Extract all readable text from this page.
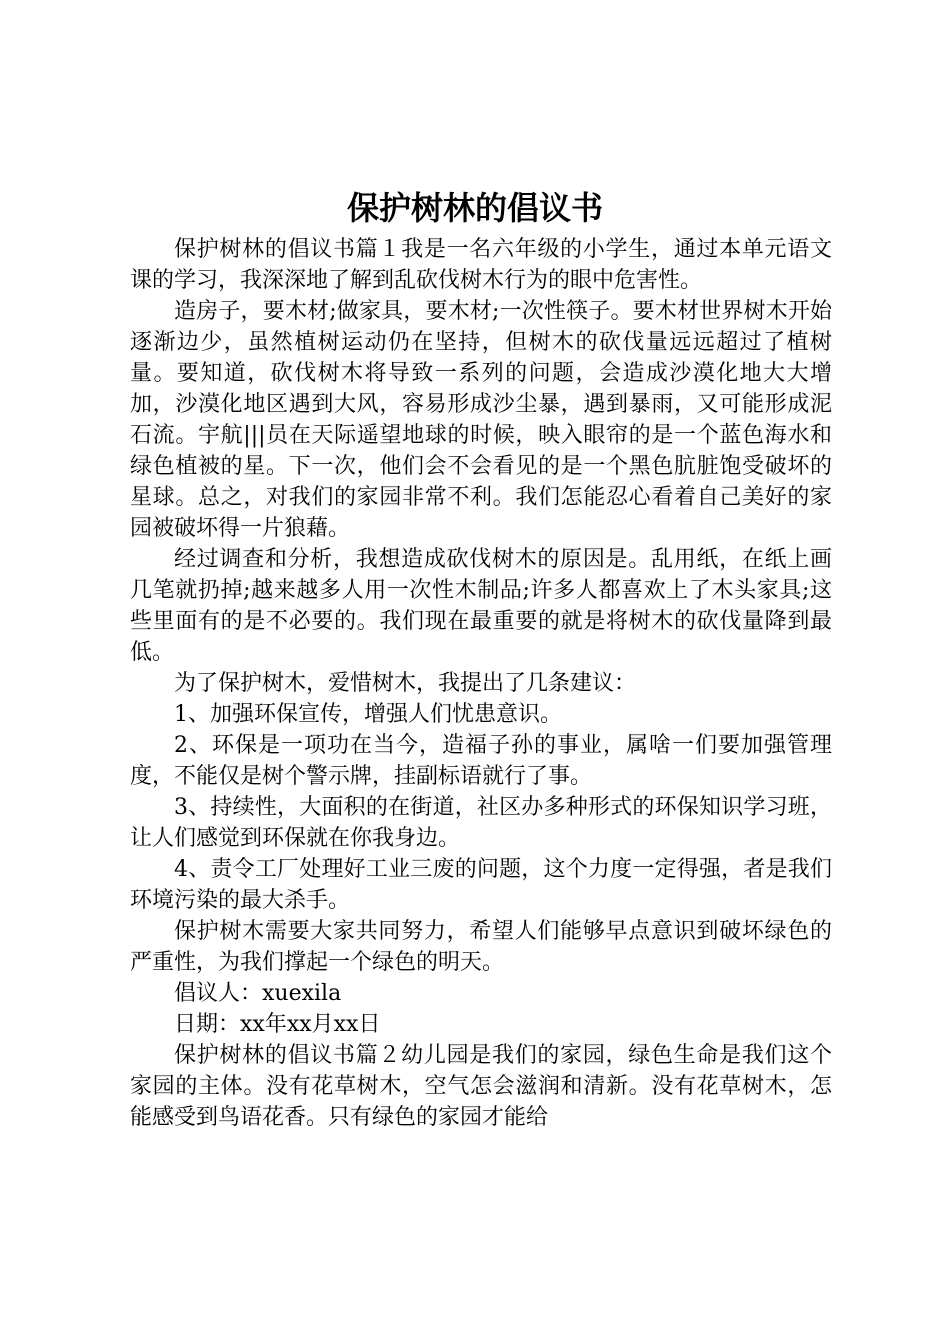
保护树林的倡议书

保护树林的倡议书篇１我是一名六年级的小学生，通过本单元语文课的学习，我深深地了解到乱砍伐树木行为的眼中危害性。

造房子，要木材;做家具，要木材;一次性筷子。要木材世界树木开始逐渐边少，虽然植树运动仍在坚持，但树木的砍伐量远远超过了植树量。要知道，砍伐树木将导致一系列的问题，会造成沙漠化地大大增加，沙漠化地区遇到大风，容易形成沙尘暴，遇到暴雨，又可能形成泥石流。宇航|||员在天际遥望地球的时候，映入眼帘的是一个蓝色海水和绿色植被的星。下一次，他们会不会看见的是一个黑色肮脏饱受破坏的星球。总之，对我们的家园非常不利。我们怎能忍心看着自己美好的家园被破坏得一片狼藉。

经过调查和分析，我想造成砍伐树木的原因是。乱用纸，在纸上画几笔就扔掉;越来越多人用一次性木制品;许多人都喜欢上了木头家具;这些里面有的是不必要的。我们现在最重要的就是将树木的砍伐量降到最低。

为了保护树木，爱惜树木，我提出了几条建议：

1、加强环保宣传，增强人们忧患意识。

2、环保是一项功在当今，造福子孙的事业，属啥一们要加强管理度，不能仅是树个警示牌，挂副标语就行了事。

3、持续性，大面积的在街道，社区办多种形式的环保知识学习班，让人们感觉到环保就在你我身边。

4、责令工厂处理好工业三废的问题，这个力度一定得强，者是我们环境污染的最大杀手。

保护树木需要大家共同努力，希望人们能够早点意识到破坏绿色的严重性，为我们撑起一个绿色的明天。

倡议人：xuexila

日期：xx年xx月xx日

保护树林的倡议书篇２幼儿园是我们的家园，绿色生命是我们这个家园的主体。没有花草树木，空气怎会滋润和清新。没有花草树木，怎能感受到鸟语花香。只有绿色的家园才能给
